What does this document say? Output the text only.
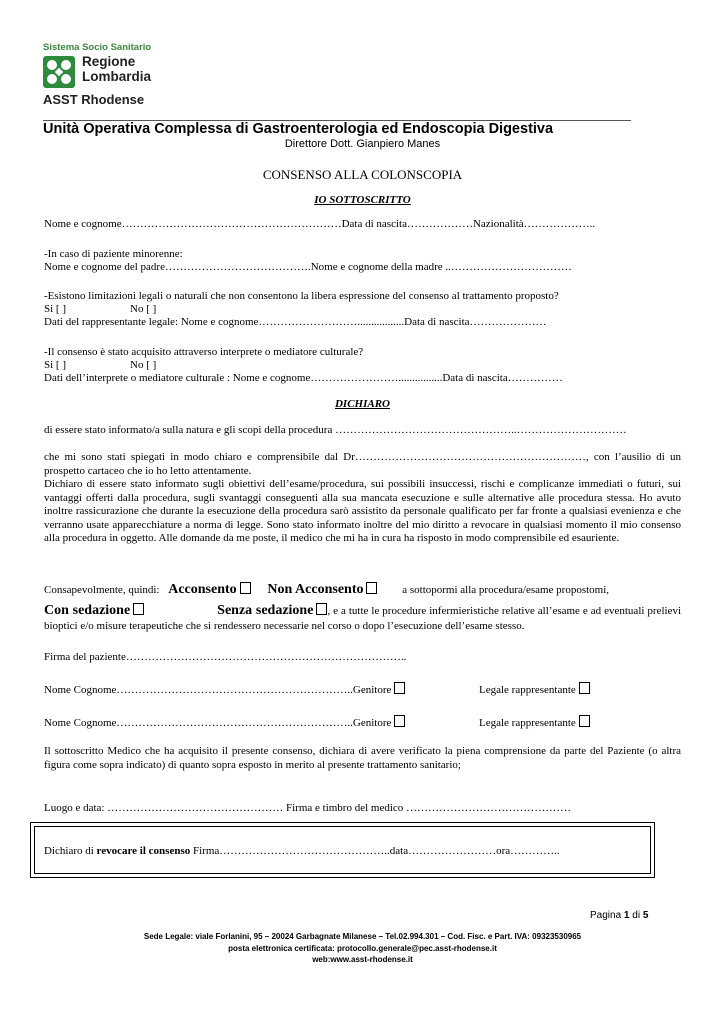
Sistema Socio Sanitario
Regione
Lombardia
ASST Rhodense
Unità Operativa Complessa di Gastroenterologia ed Endoscopia Digestiva
Direttore Dott. Gianpiero Manes
CONSENSO ALLA COLONSCOPIA
IO SOTTOSCRITTO
Nome e cognome……………………………………………………Data di nascita………………Nazionalità………………..
-In caso di paziente minorenne:
Nome e cognome del padre………………………………….Nome e cognome della madre ..……………………………
-Esistono limitazioni legali o naturali che non consentono la libera espressione del consenso al trattamento proposto?
Si [ ]	No [ ]
Dati del rappresentante legale: Nome e cognome……………………….................Data di nascita…………………
-Il consenso è stato acquisito attraverso interprete o mediatore culturale?
Si [ ]	No [ ]
Dati dell’interprete o mediatore culturale : Nome e cognome……………………................Data di nascita……………
DICHIARO
di essere stato informato/a sulla natura e gli scopi della procedura …………………………………………..…………………………
che mi sono stati spiegati in modo chiaro e comprensibile dal Dr………………………………………………………, con l’ausilio di un prospetto cartaceo che io ho letto attentamente.
Dichiaro di essere stato informato sugli obiettivi dell’esame/procedura, sui possibili insuccessi, rischi e complicanze immediati o futuri, sui vantaggi offerti dalla procedura, sugli svantaggi conseguenti alla sua mancata esecuzione e sulle alternative alle procedura stessa. Ho avuto inoltre rassicurazione che durante la esecuzione della procedura sarò assistito da personale qualificato per far fronte a qualsiasi evenienza e che verranno usate apparecchiature a norma di legge. Sono stato informato inoltre del mio diritto a revocare in qualsiasi momento il mio consenso alla procedura in oggetto. Alle domande da me poste, il medico che mi ha in cura ha risposto in modo comprensibile ed esauriente.
Consapevolmente, quindi: Acconsento Non Acconsento	a sottopormi alla procedura/esame propostomi,
Con sedazione	Senza sedazione , e a tutte le procedure infermieristiche relative all’esame e ad eventuali prelievi bioptici e/o misure terapeutiche che si rendessero necessarie nel corso o dopo l’esecuzione dell’esame stesso.
Firma del paziente…………………………………………………………………..
Nome Cognome………………………………………………………..Genitore	Legale rappresentante
Nome Cognome………………………………………………………..Genitore	Legale rappresentante
Il sottoscritto Medico che ha acquisito il presente consenso, dichiara di avere verificato la piena comprensione da parte del Paziente (o altra figura come sopra indicato) di quanto sopra esposto in merito al presente trattamento sanitario;
Luogo e data: ………………………………………… Firma e timbro del medico ………………………………………
Dichiaro di revocare il consenso Firma………………………………………..data……………………ora…………..
Pagina 1 di 5
Sede Legale: viale Forlanini, 95 – 20024 Garbagnate Milanese – Tel.02.994.301 – Cod. Fisc. e Part. IVA: 09323530965
posta elettronica certificata: protocollo.generale@pec.asst-rhodense.it
web:www.asst-rhodense.it
